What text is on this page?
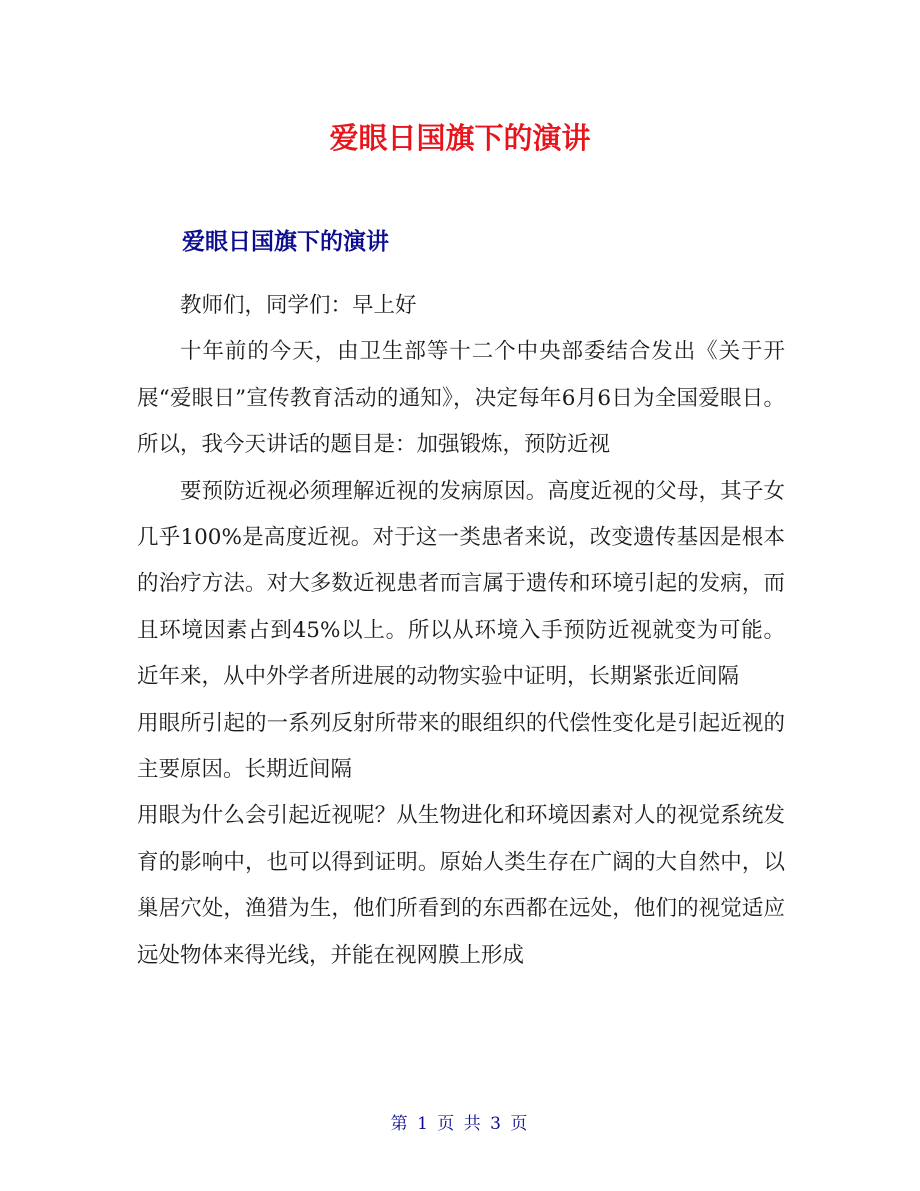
爱眼日国旗下的演讲
爱眼日国旗下的演讲

教师们，同学们：早上好

十年前的今天，由卫生部等十二个中央部委结合发出《关于开展“爱眼日”宣传教育活动的通知》，决定每年6月6日为全国爱眼日。所以，我今天讲话的题目是：加强锻炼，预防近视

要预防近视必须理解近视的发病原因。高度近视的父母，其子女几乎100%是高度近视。对于这一类患者来说，改变遗传基因是根本的治疗方法。对大多数近视患者而言属于遗传和环境引起的发病，而且环境因素占到45%以上。所以从环境入手预防近视就变为可能。近年来，从中外学者所进展的动物实验中证明，长期紧张近间隔

用眼所引起的一系列反射所带来的眼组织的代偿性变化是引起近视的主要原因。长期近间隔

用眼为什么会引起近视呢？从生物进化和环境因素对人的视觉系统发育的影响中，也可以得到证明。原始人类生存在广阔的大自然中，以巢居穴处，渔猎为生，他们所看到的东西都在远处，他们的视觉适应远处物体来得光线，并能在视网膜上形成

第 1 页 共 3 页
